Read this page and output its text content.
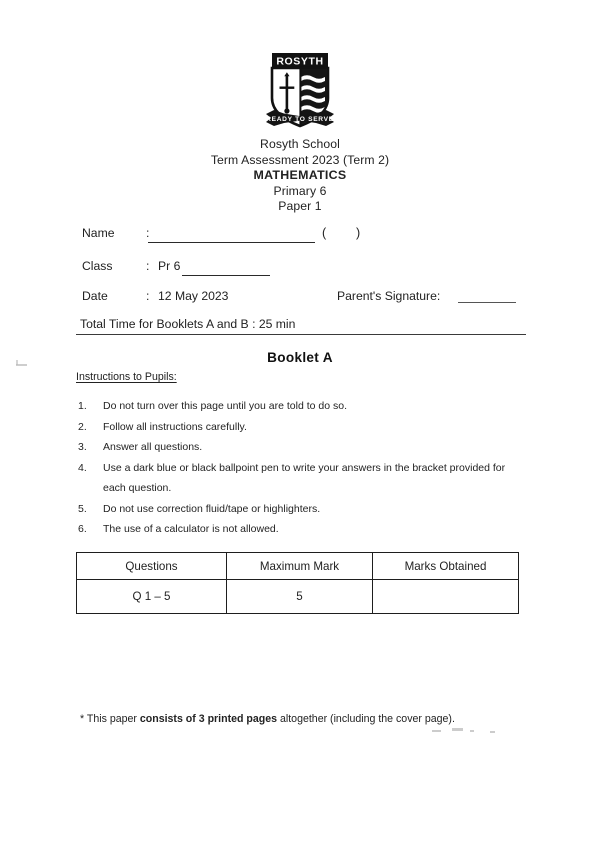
ROSYTH
READY TO SERVE
Rosyth School
Term Assessment 2023 (Term 2)
MATHEMATICS
Primary 6
Paper 1
Name	:	( )
Class	: Pr 6
Date	: 12 May 2023	Parent's Signature:
Total Time for Booklets A and B : 25 min
Booklet A
Instructions to Pupils:
1. Do not turn over this page until you are told to do so.
2. Follow all instructions carefully.
3. Answer all questions.
4. Use a dark blue or black ballpoint pen to write your answers in the bracket provided for each question.
5. Do not use correction fluid/tape or highlighters.
6. The use of a calculator is not allowed.
Questions	Maximum Mark	Marks Obtained
Q 1 – 5	5	
* This paper consists of 3 printed pages altogether (including the cover page).
